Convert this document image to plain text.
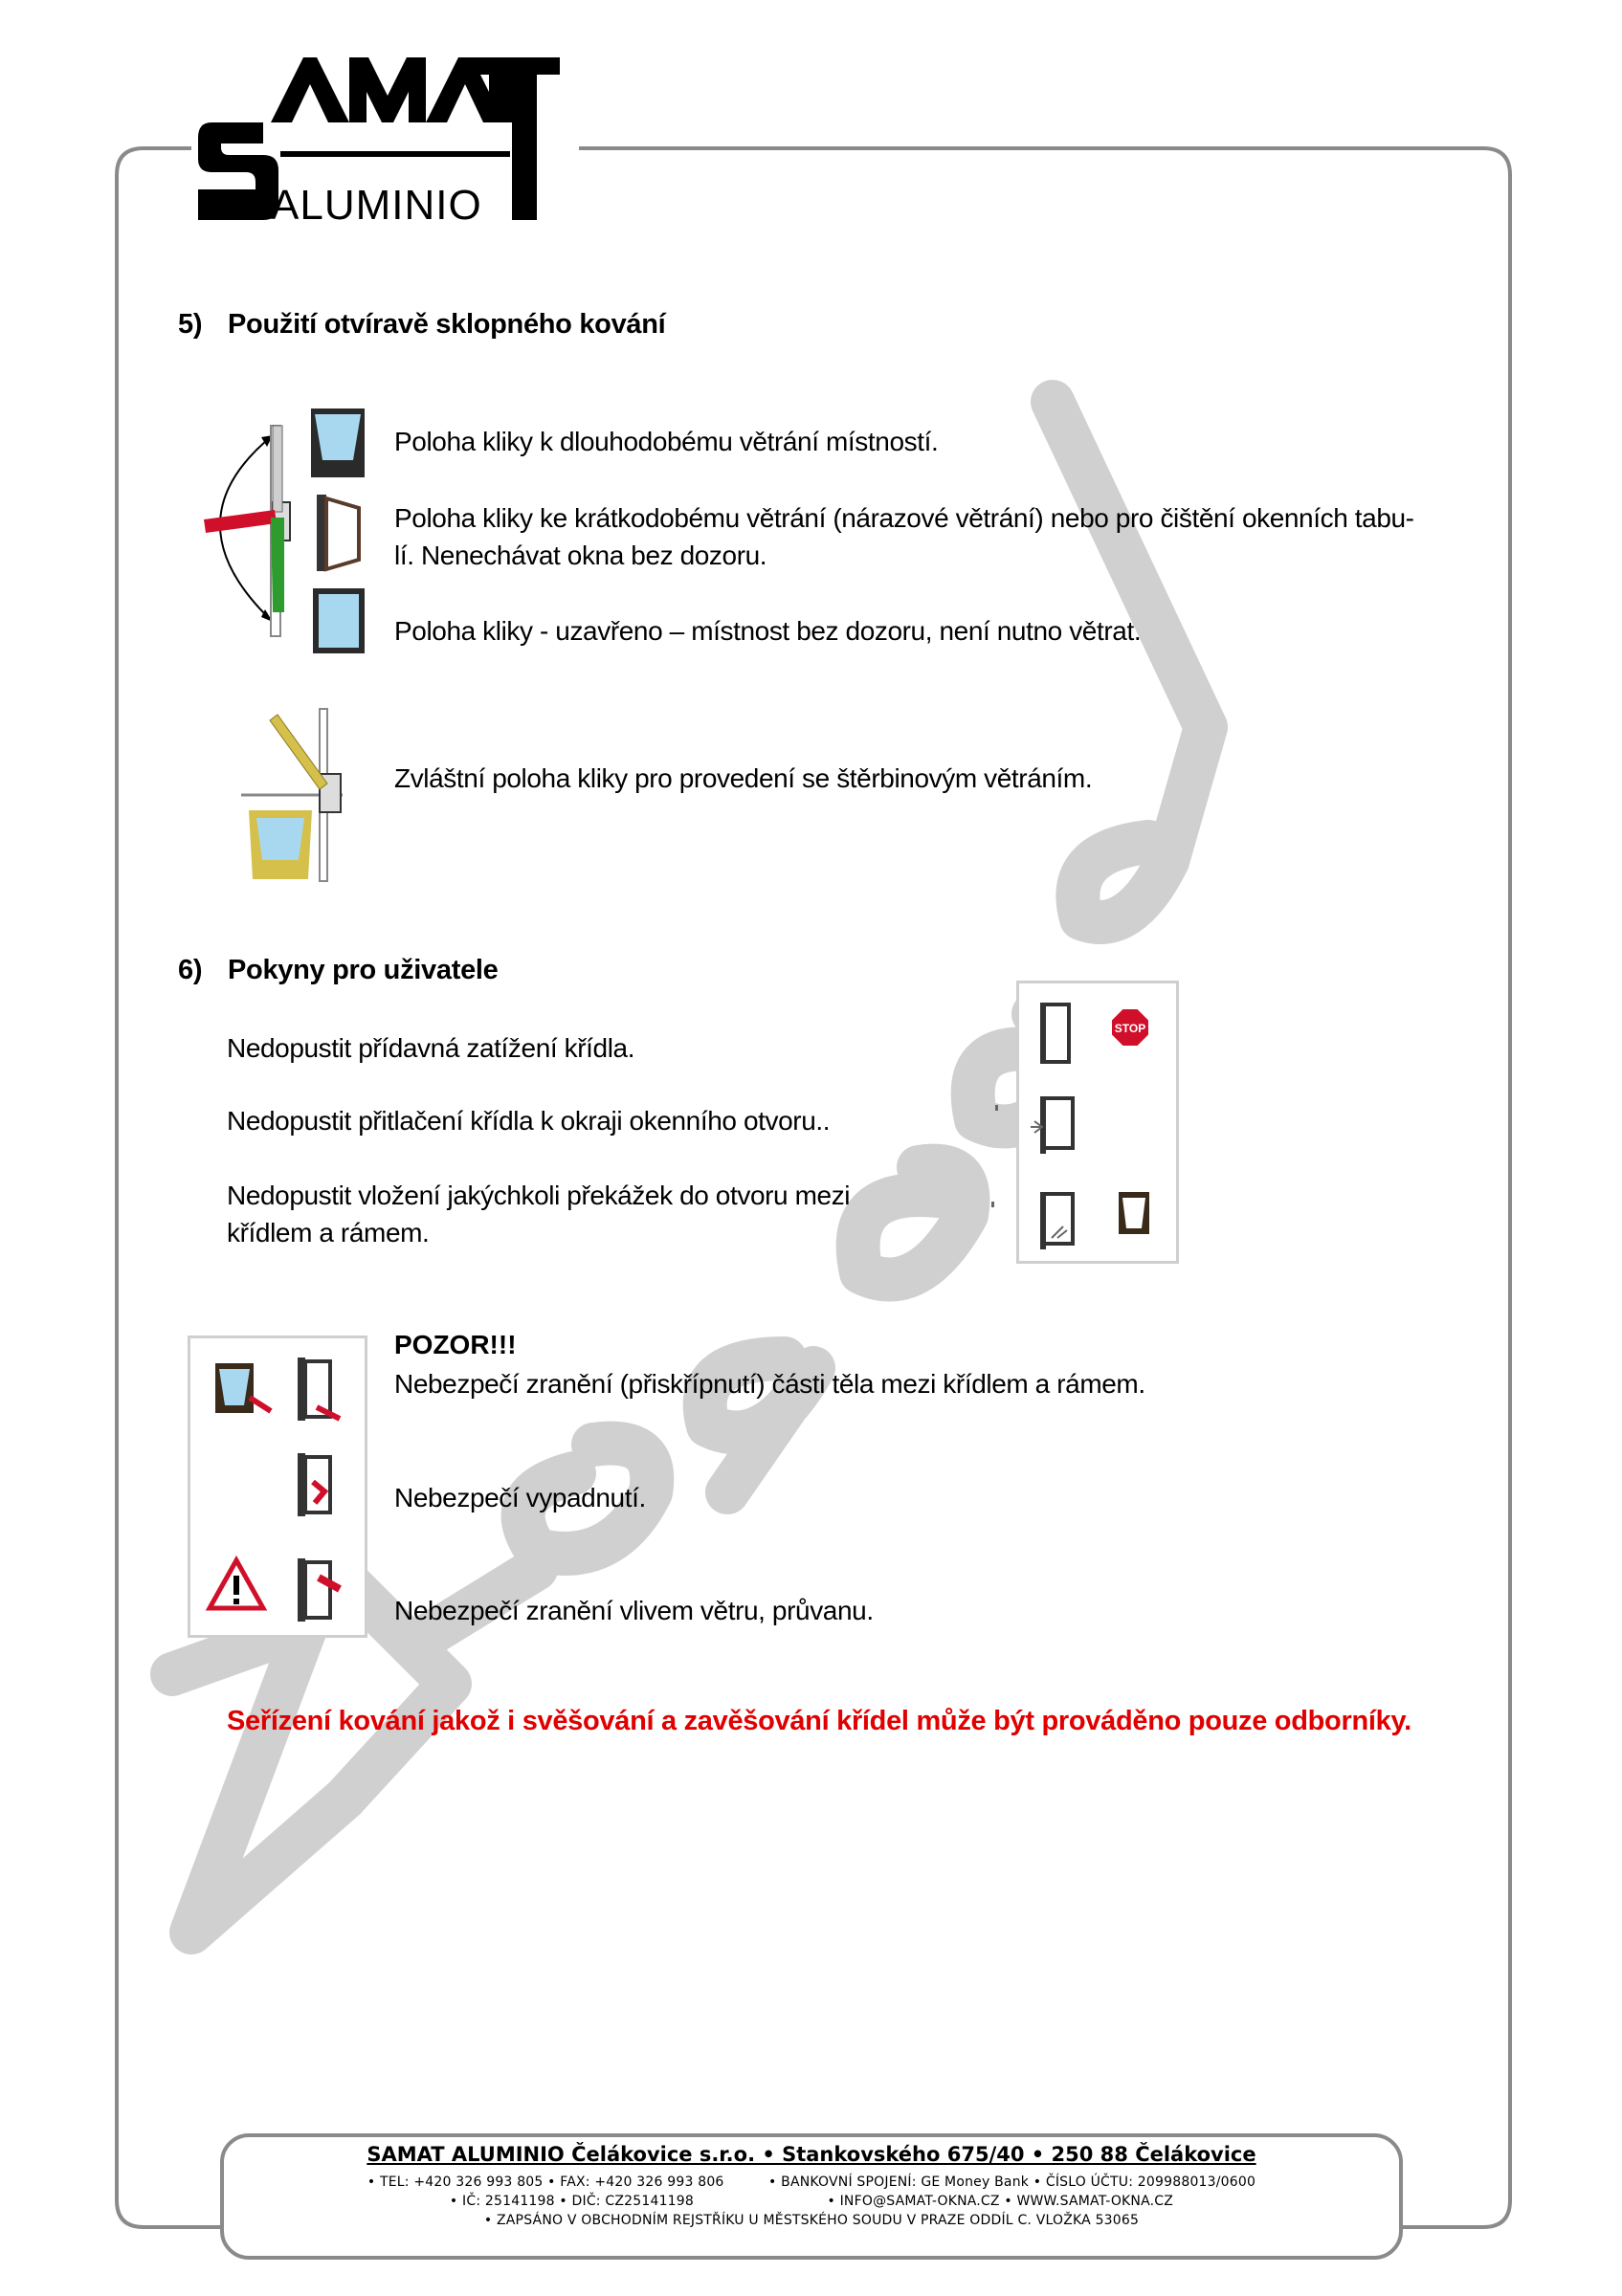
ALUMINIO
5) Použití otvíravě sklopného kování
Poloha kliky k dlouhodobému větrání místností.
Poloha kliky ke krátkodobému větrání (nárazové větrání) nebo pro čištění okenních tabu-
lí. Nenechávat okna bez dozoru.
Poloha kliky - uzavřeno – místnost bez dozoru, není nutno větrat.
Zvláštní poloha kliky pro provedení se štěrbinovým větráním.
6) Pokyny pro uživatele
Nedopustit přídavná zatížení křídla.
Nedopustit přitlačení křídla k okraji okenního otvoru..
Nedopustit vložení jakýchkoli překážek do otvoru mezi
křídlem a rámem.
STOP
POZOR!!!
Nebezpečí zranění (přiskřípnutí) části těla mezi křídlem a rámem.
Nebezpečí vypadnutí.
Nebezpečí zranění vlivem větru, průvanu.
Seřízení kování jakož i svěšování a zavěšování křídel může být prováděno pouze odborníky.
SAMAT ALUMINIO Čelákovice s.r.o. • Stankovského 675/40 • 250 88 Čelákovice
• TEL: +420 326 993 805 • FAX: +420 326 993 806          • BANKOVNÍ SPOJENÍ: GE Money Bank • ČÍSLO ÚČTU: 209988013/0600
• IČ: 25141198 • DIČ: CZ25141198                              • INFO@SAMAT-OKNA.CZ • WWW.SAMAT-OKNA.CZ
• ZAPSÁNO V OBCHODNÍM REJSTŘÍKU U MĚSTSKÉHO SOUDU V PRAZE ODDÍL C. VLOŽKA 53065
